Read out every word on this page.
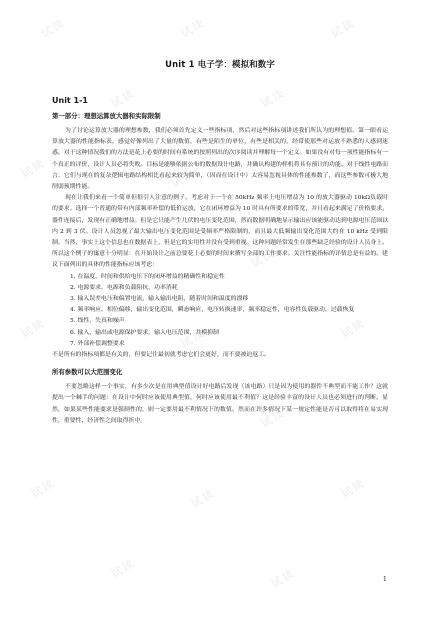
试读	试读	试读
试读	试读
试读	试读	试读
试读	试读
试读	试读	试读
试读	试读
试读	试读	试读
试读	试读
Unit 1 电子学：模拟和数字
Unit 1-1
第一部分：理想运算放大器和实际限制

为了讨论运算放大器的理想参数，我们必须首先定义一些指标项，然后对这些指标项讲述我们所认为的理想值。第一眼看运算放大器的性能指标表，感觉好像列出了大量的数值，有些是陌生的单位，有些是相关的，经常使那些对运放不熟悉的人感到迷惑。对于这种情况我们的方法是花上必要的时间有系统的按照列出的次序阅读并理解每一个定义。如果没有对每一项性能指标有一个真正的评价，设计人员必将失败。目标是能够依据公布的数据设计电路，并确认构建的样机将具有预计的功能。对于线性电路而言，它们与现在的复杂逻辑电路结构相比看起来较为简单，（因而在设计中）太容易忽视具体的性能参数了，而这些参数可极大地削弱预期性能。

现在让我们来看一个简单但很引人注意的例子。考虑对于一个在 50kHz 频率上电压增益为 10 的放大器驱动 10kΩ负载时的要求。选择一个普通的带有内部频率补偿的低价运放，它在闭环增益为 10 时具有所要求的带宽，并且看起来满足了价格要求。器件连接后，发现有正确地增益。但是它只能产生几伏的电压变化范围，然而数据明确地显示输出应该能驱动达到电源电压范围以内 2 到 3 伏。设计人员忽视了最大输出电压变化范围是受频率严格限制的，而且最大低频输出变化范围大约在 10 kHz 受到限制。当然，事实上这个信息也在数据表上，但是它的实用性并没有受到重视。这种问题经常发生在那些缺乏经验的设计人员身上。所以这个例子的寓意十分明显：在开始设计之前总要花上必要的时间来撰写全部的工作要求。关注性能指标的详情总是有益的。建议下面列出的具体的性能指标应该考虑：

1. 在温度，时间和供给电压下的闭环增益的精确性和稳定性
2. 电源要求，电源和负载阻抗，功率消耗
3. 输入误差电压和偏置电流，输入输出电阻，随着时间和温度的漂移
4. 频率响应，相位偏移，输出变化范围，瞬态响应，电压转换速率，频率稳定性，电容性负载驱动，过载恢复
5. 线性，失真和噪声
6. 输入，输出或电源保护要求，输入电压范围，共模抑制
7. 外部补偿调整要求

不是所有的指标项都是有关的，但要记住最初就考虑它们会更好，而不要被迫返工。

所有参数可以大范围变化

不要忽略这样一个事实，有多少次是在用典型值设计好电路后发现（该电路）只是因为使用的器件不典型而不能工作？这就提出一个棘手的问题：在设计中何时应该使用典型值，何时应该使用最不利值？这是经验丰富的设计人员也必须进行的判断。显然，如果某些性能要求是强制性的，则一定要用最不利情况下的数值。然而在许多情况下某一规定性能是否可以取得将在易实现性，重要性，经济性之间取得折中。

1
